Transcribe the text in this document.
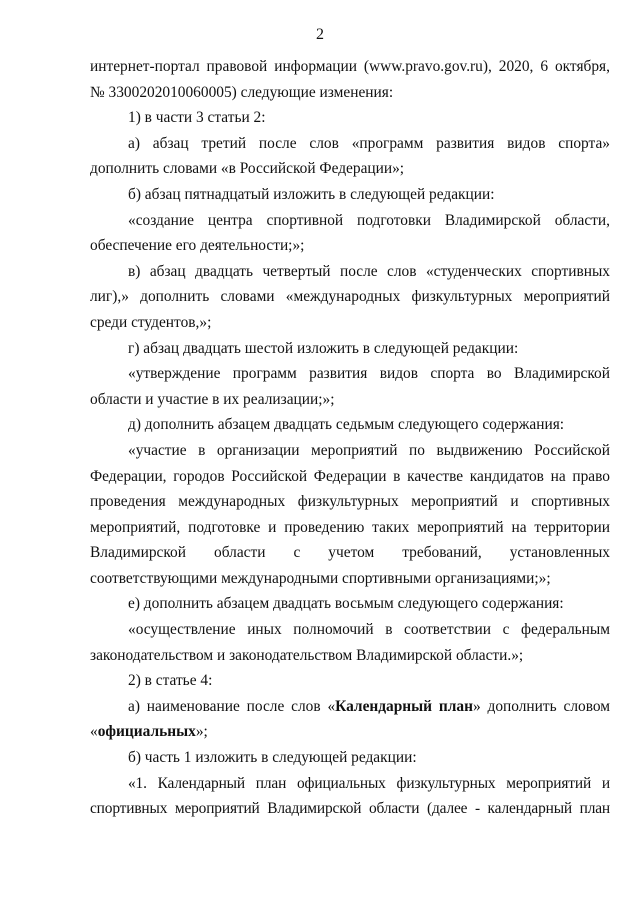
2

интернет-портал правовой информации (www.pravo.gov.ru), 2020, 6 октября, № 3300202010060005) следующие изменения:

1) в части 3 статьи 2:

а) абзац третий после слов «программ развития видов спорта» дополнить словами «в Российской Федерации»;

б) абзац пятнадцатый изложить в следующей редакции:

«создание центра спортивной подготовки Владимирской области, обеспечение его деятельности;»;

в) абзац двадцать четвертый после слов «студенческих спортивных лиг),» дополнить словами «международных физкультурных мероприятий среди студентов,»;

г) абзац двадцать шестой изложить в следующей редакции:

«утверждение программ развития видов спорта во Владимирской области и участие в их реализации;»;

д) дополнить абзацем двадцать седьмым следующего содержания:

«участие в организации мероприятий по выдвижению Российской Федерации, городов Российской Федерации в качестве кандидатов на право проведения международных физкультурных мероприятий и спортивных мероприятий, подготовке и проведению таких мероприятий на территории Владимирской области с учетом требований, установленных соответствующими международными спортивными организациями;»;

е) дополнить абзацем двадцать восьмым следующего содержания:

«осуществление иных полномочий в соответствии с федеральным законодательством и законодательством Владимирской области.»;

2) в статье 4:

а) наименование после слов «Календарный план» дополнить словом «официальных»;

б) часть 1 изложить в следующей редакции:

«1. Календарный план официальных физкультурных мероприятий и спортивных мероприятий Владимирской области (далее - календарный план
